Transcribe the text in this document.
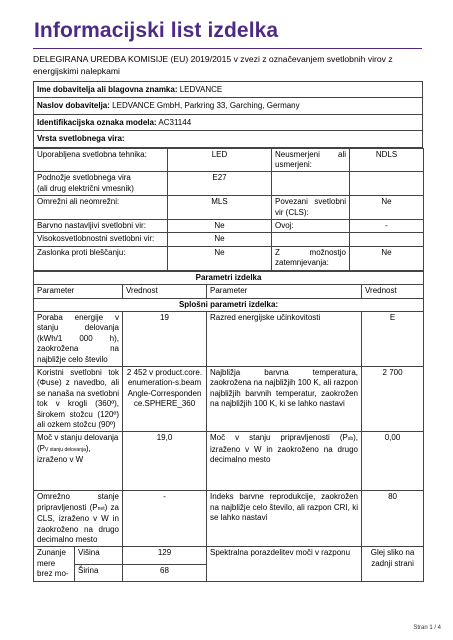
Informacijski list izdelka
DELEGIRANA UREDBA KOMISIJE (EU) 2019/2015 v zvezi z označevanjem svetlobnih virov z energijskimi nalepkami
Ime dobavitelja ali blagovna znamka: LEDVANCE
Naslov dobavitelja: LEDVANCE GmbH, Parkring 33, Garching, Germany
Identifikacijska oznaka modela: AC31144
Vrsta svetlobnega vira:
Uporabljena svetlobna tehnika:	LED	Neusmerjeni ali usmerjeni:	NDLS

Podnožje svetlobnega vira
(ali drug električni vmesnik)	E27		
Omrežni ali neomrežni:	MLS	Povezani svetlobni vir (CLS):	Ne
Barvno nastavljivi svetlobni vir:	Ne	Ovoj:	-
Visokosvetlobnostni svetlobni vir:	Ne		
Zaslonka proti bleščanju:	Ne	Z možnostjo zatemnjevanja:	Ne
Parametri izdelka				
Parameter		Vrednost	Parameter	Vrednost
Splošni parametri izdelka:				
Poraba energije v stanju delovanja (kWh/1 000 h), zaokrožena na najbližje celo število		19	Razred energijske učinkovitosti	E
Koristni svetlobni tok (Φuse) z navedbo, ali se nanaša na svetlobni tok v krogli (360º), širokem stožcu (120º) ali ozkem stožcu (90º)		2 452 v product.core.enumeration-s.beamAngle-Correspondence.SPHERE_360	Najbližja barvna temperatura, zaokrožena na najbližjih 100 K, ali razpon najbližjih barvnih temperatur, zaokrožen na najbližjih 100 K, ki se lahko nastavi	2 700
Moč v stanju delovanja (PV stanju delovanja), izraženo v W		19,0	Moč v stanju pripravljenosti (Psb), izraženo v W in zaokroženo na drugo decimalno mesto	0,00
Omrežno stanje pripravljenosti (Pnet) za CLS, izraženo v W in zaokroženo na drugo decimalno mesto		-	Indeks barvne reprodukcije, zaokrožen na najbližje celo število, ali razpon CRI, ki se lahko nastavi	80
Zunanje mere brez mo-	Višina	129	Spektralna porazdelitev moči v razponu	Glej sliko na zadnji strani
	Širina	68		
Stran 1 / 4
